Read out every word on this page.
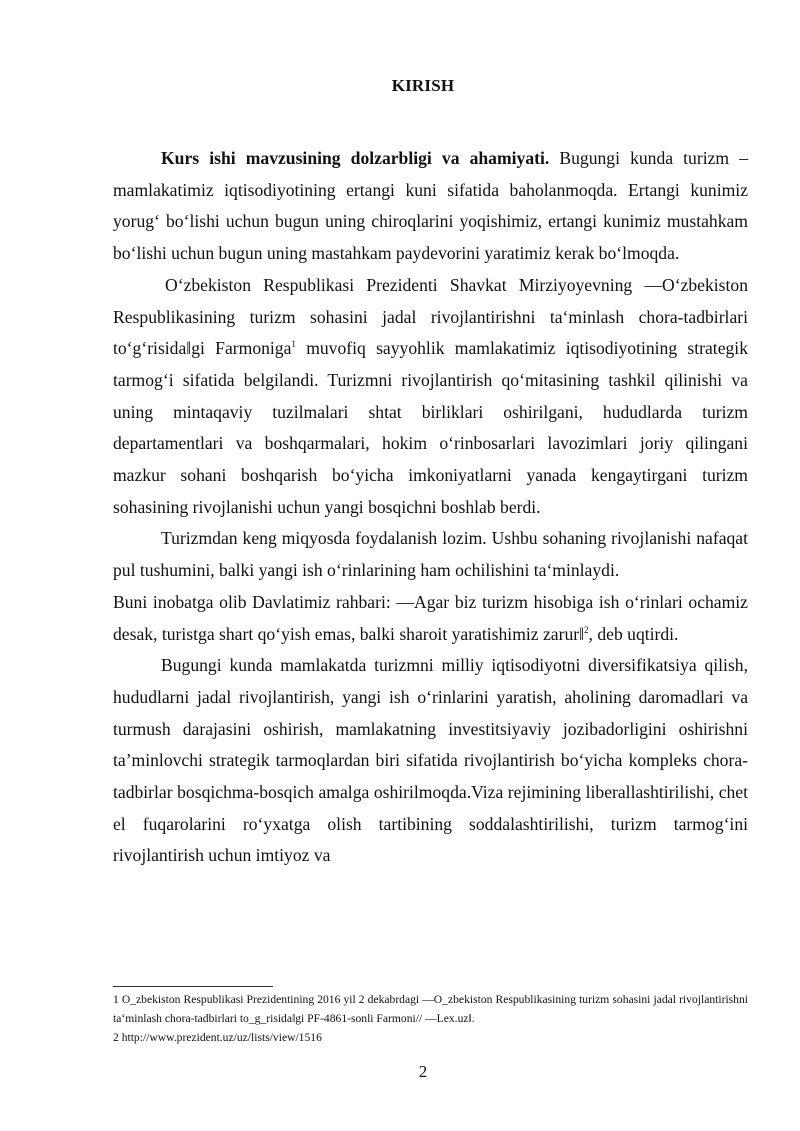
KIRISH

Kurs ishi mavzusining dolzarbligi va ahamiyati. Bugungi kunda turizm – mamlakatimiz iqtisodiyotining ertangi kuni sifatida baholanmoqda. Ertangi kunimiz yorug‘ bo‘lishi uchun bugun uning chiroqlarini yoqishimiz, ertangi kunimiz mustahkam bo‘lishi uchun bugun uning mastahkam paydevorini yaratimiz kerak bo‘lmoqda.

O‘zbekiston Respublikasi Prezidenti Shavkat Mirziyoyevning ―O‘zbekiston Respublikasining turizm sohasini jadal rivojlantirishni ta‘minlash chora-tadbirlari to‘g‘risida‖gi Farmoniga$^1$ muvofiq sayyohlik mamlakatimiz iqtisodiyotining strategik tarmog‘i sifatida belgilandi. Turizmni rivojlantirish qo‘mitasining tashkil qilinishi va uning mintaqaviy tuzilmalari shtat birliklari oshirilgani, hududlarda turizm departamentlari va boshqarmalari, hokim o‘rinbosarlari lavozimlari joriy qilingani mazkur sohani boshqarish bo‘yicha imkoniyatlarni yanada kengaytirgani turizm sohasining rivojlanishi uchun yangi bosqichni boshlab berdi.

Turizmdan keng miqyosda foydalanish lozim. Ushbu sohaning rivojlanishi nafaqat pul tushumini, balki yangi ish o‘rinlarining ham ochilishini ta‘minlaydi.

Buni inobatga olib Davlatimiz rahbari: ―Agar biz turizm hisobiga ish o‘rinlari ochamiz desak, turistga shart qo‘yish emas, balki sharoit yaratishimiz zarur‖$^2$, deb uqtirdi.

Bugungi kunda mamlakatda turizmni milliy iqtisodiyotni diversifikatsiya qilish, hududlarni jadal rivojlantirish, yangi ish o‘rinlarini yaratish, aholining daromadlari va turmush darajasini oshirish, mamlakatning investitsiyaviy jozibadorligini oshirishni ta’minlovchi strategik tarmoqlardan biri sifatida rivojlantirish bo‘yicha kompleks chora-tadbirlar bosqichma-bosqich amalga oshirilmoqda.Viza rejimining liberallashtirilishi, chet el fuqarolarini ro‘yxatga olish tartibining soddalashtirilishi, turizm tarmog‘ini rivojlantirish uchun imtiyoz va

1 O_zbekiston Respublikasi Prezidentining 2016 yil 2 dekabrdagi ―O_zbekiston Respublikasining turizm sohasini jadal rivojlantirishni ta‘minlash chora-tadbirlari to_g_risida‖gi PF-4861-sonli Farmoni// ―Lex.uz‖.

2 http://www.prezident.uz/uz/lists/view/1516

2
